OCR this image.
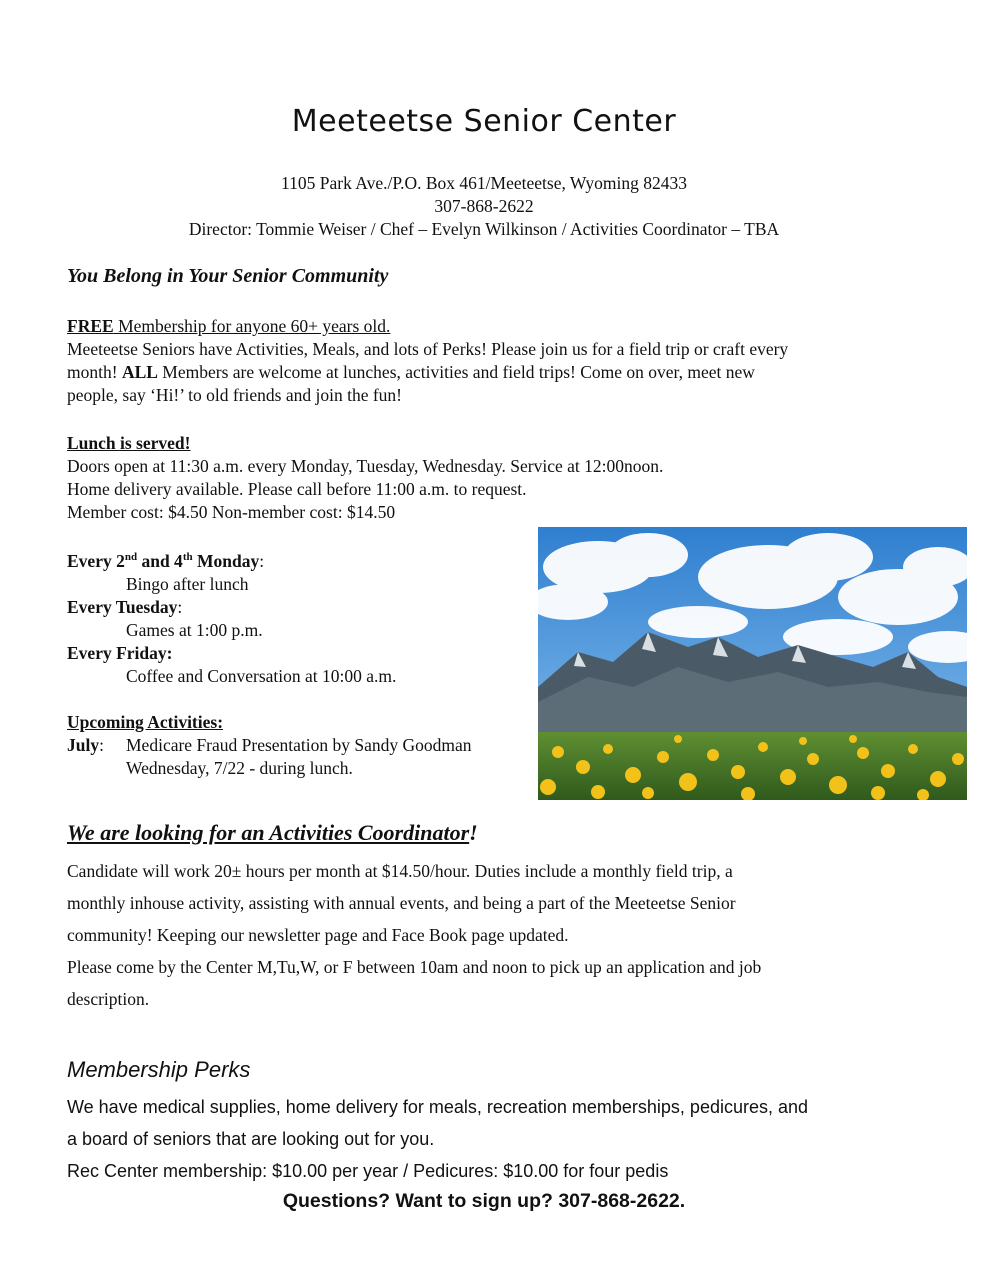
Meeteetse Senior Center
1105 Park Ave./P.O. Box 461/Meeteetse, Wyoming 82433
307-868-2622
Director: Tommie Weiser / Chef – Evelyn Wilkinson / Activities Coordinator – TBA
You Belong in Your Senior Community
FREE Membership for anyone 60+ years old.
Meeteetse Seniors have Activities, Meals, and lots of Perks! Please join us for a field trip or craft every
month! ALL Members are welcome at lunches, activities and field trips! Come on over, meet new
people, say ‘Hi!’ to old friends and join the fun!
Lunch is served!
Doors open at 11:30 a.m. every Monday, Tuesday, Wednesday. Service at 12:00noon.
Home delivery available. Please call before 11:00 a.m. to request.
Member cost: $4.50 Non-member cost: $14.50
Every 2nd and 4th Monday:
Bingo after lunch
Every Tuesday:
Games at 1:00 p.m.
Every Friday:
Coffee and Conversation at 10:00 a.m.
Upcoming Activities:
July: Medicare Fraud Presentation by Sandy Goodman
Wednesday, 7/22 - during lunch.
We are looking for an Activities Coordinator!
Candidate will work 20± hours per month at $14.50/hour. Duties include a monthly field trip, a
monthly inhouse activity, assisting with annual events, and being a part of the Meeteetse Senior
community! Keeping our newsletter page and Face Book page updated.
Please come by the Center M,Tu,W, or F between 10am and noon to pick up an application and job
description.
Membership Perks
We have medical supplies, home delivery for meals, recreation memberships, pedicures, and
a board of seniors that are looking out for you.
Rec Center membership: $10.00 per year / Pedicures: $10.00 for four pedis
Questions? Want to sign up? 307-868-2622.
